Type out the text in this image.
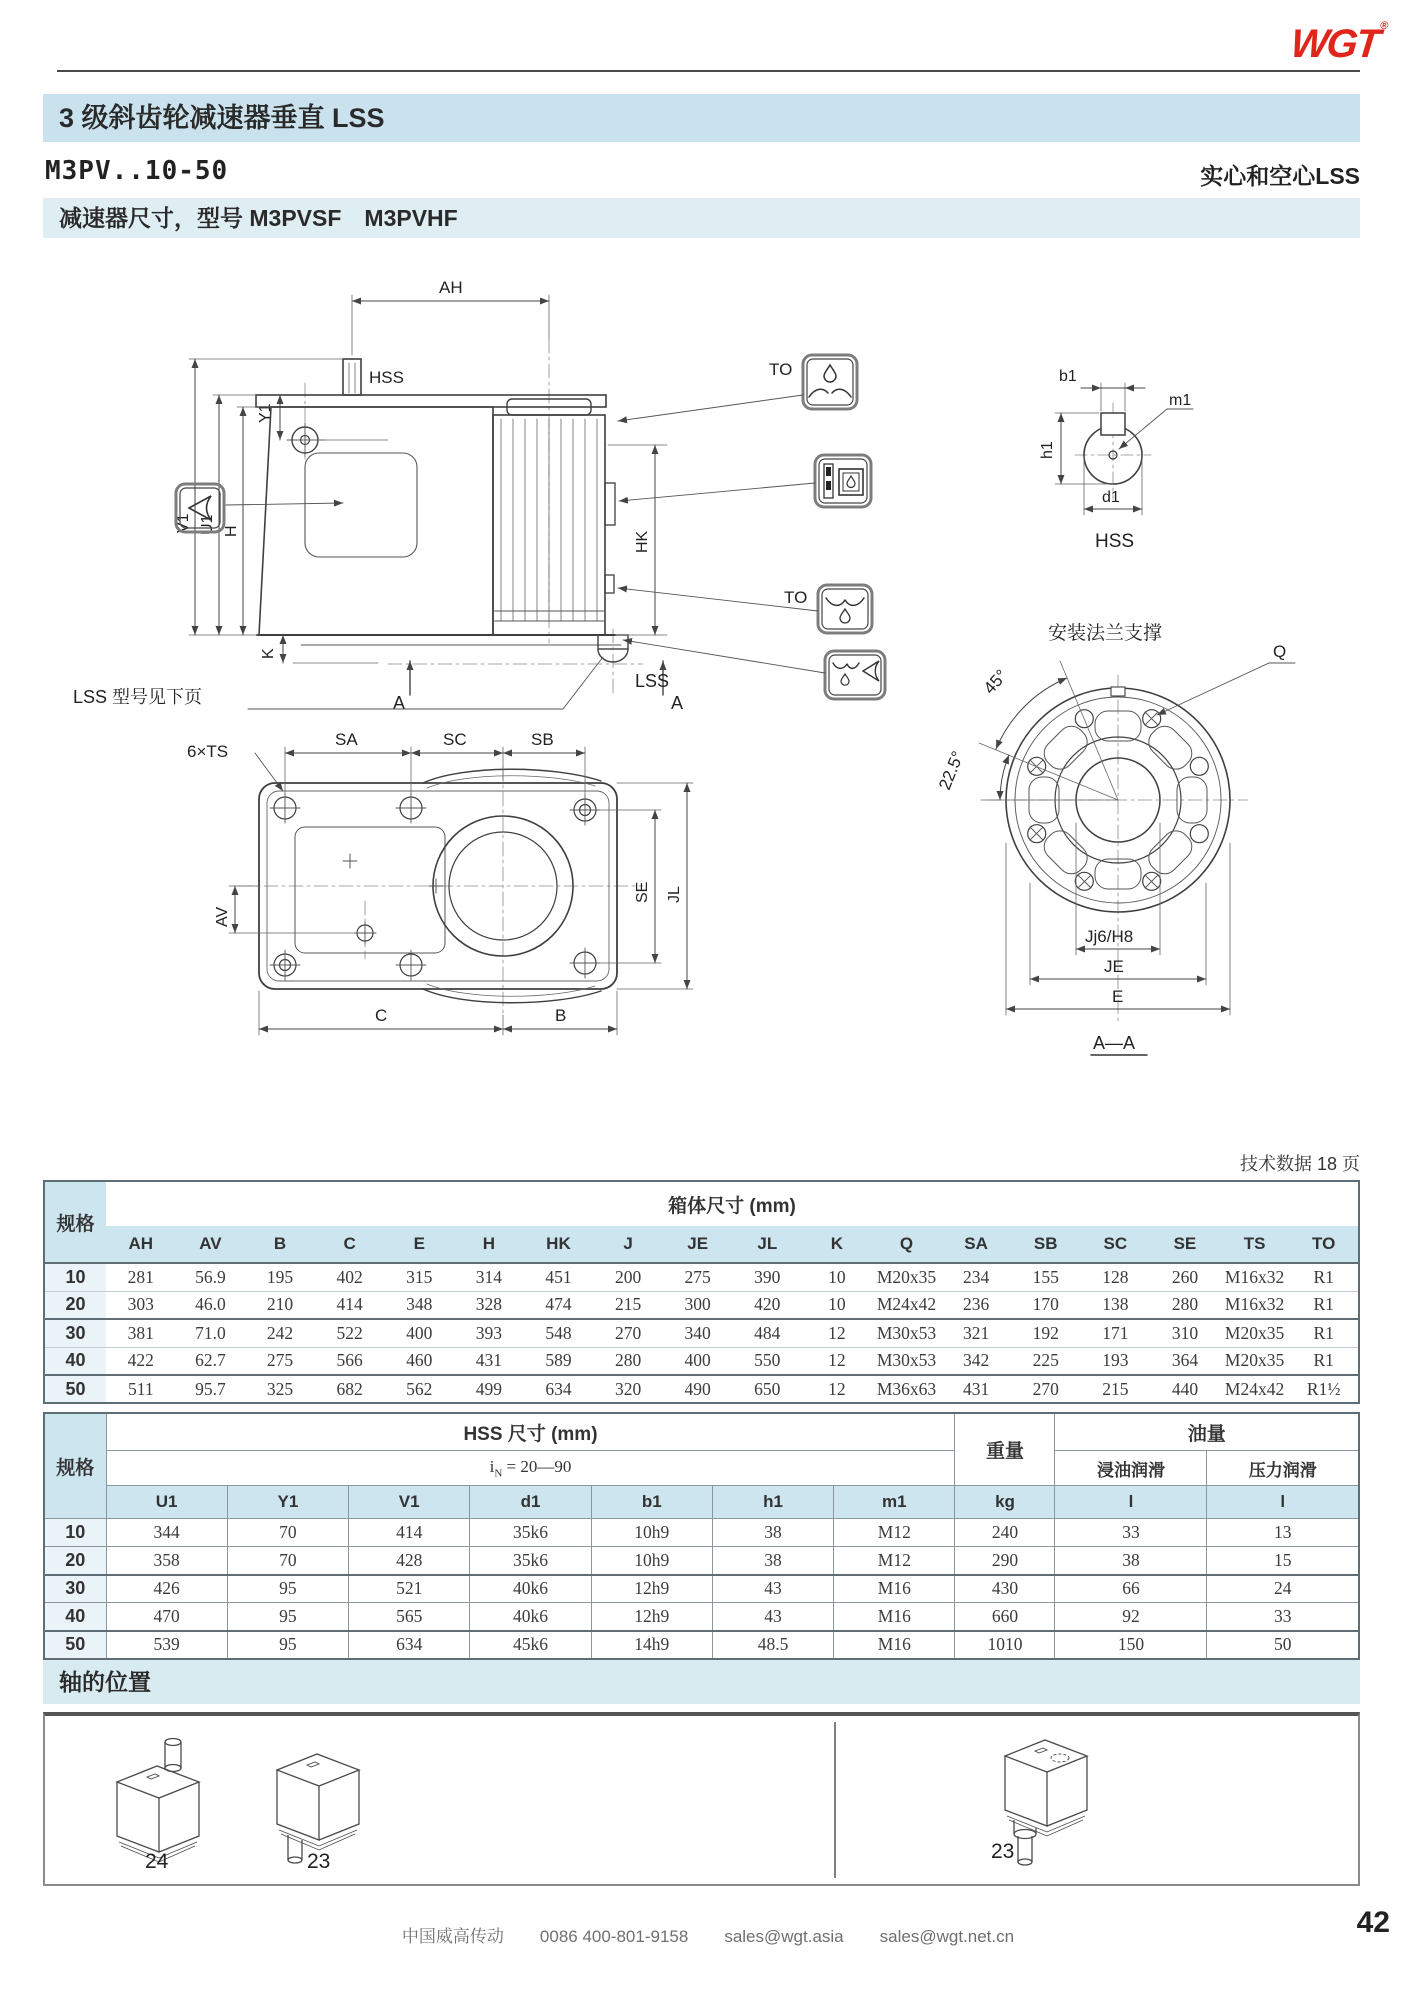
WGT®
3 级斜齿轮减速器垂直 LSS
M3PV..10-50	实心和空心LSS
减速器尺寸，型号 M3PVSF　M3PVHF
AH
HSS
Y1
V1 U1 H	HK
K
A	A
LSS
LSS 型号见下页
TO
TO
6×TS
SA	SC	SB
AV
SE JL
C	B
b1
h1
d1
m1
HSS
安装法兰支撑
45°
22.5°
Q
Jj6/H8
JE
E
A—A
技术数据 18 页
规格	箱体尺寸 (mm)																	
	AH	AV	B	C	E	H	HK	J	JE	JL	K	Q	SA	SB	SC	SE	TS	TO
10	281	56.9	195	402	315	314	451	200	275	390	10	M20x35	234	155	128	260	M16x32	R1
20	303	46.0	210	414	348	328	474	215	300	420	10	M24x42	236	170	138	280	M16x32	R1
30	381	71.0	242	522	400	393	548	270	340	484	12	M30x53	321	192	171	310	M20x35	R1
40	422	62.7	275	566	460	431	589	280	400	550	12	M30x53	342	225	193	364	M20x35	R1
50	511	95.7	325	682	562	499	634	320	490	650	12	M36x63	431	270	215	440	M24x42	R1½
规格	HSS 尺寸 (mm)							重量	油量	
	$i_N$ = 20—90								浸油润滑	压力润滑
	U1	Y1	V1	d1	b1	h1	m1	kg	l	l
10	344	70	414	35k6	10h9	38	M12	240	33	13
20	358	70	428	35k6	10h9	38	M12	290	38	15
30	426	95	521	40k6	12h9	43	M16	430	66	24
40	470	95	565	40k6	12h9	43	M16	660	92	33
50	539	95	634	45k6	14h9	48.5	M16	1010	150	50
轴的位置
24	23	23
中国威高传动 0086 400-801-9158 sales@wgt.asia sales@wgt.net.cn	42
